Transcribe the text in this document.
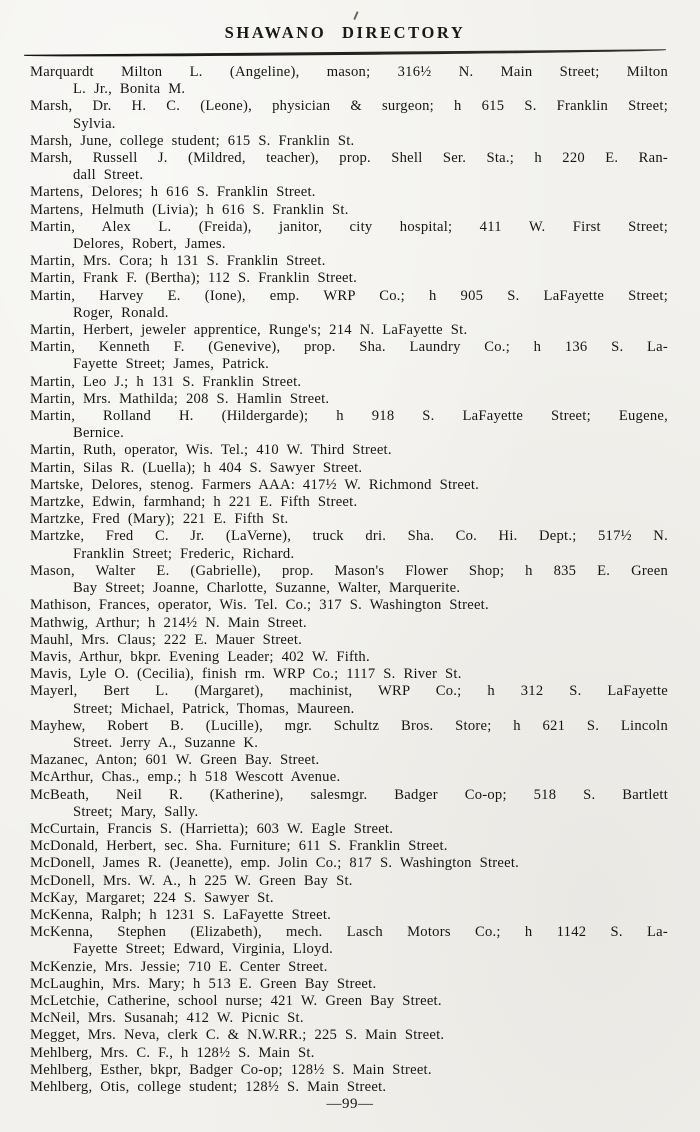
SHAWANO DIRECTORY
Marquardt Milton L. (Angeline), mason; 316½ N. Main Street; Milton
L. Jr., Bonita M.
Marsh, Dr. H. C. (Leone), physician & surgeon; h 615 S. Franklin Street;
Sylvia.
Marsh, June, college student; 615 S. Franklin St.
Marsh, Russell J. (Mildred, teacher), prop. Shell Ser. Sta.; h 220 E. Ran-
dall Street.
Martens, Delores; h 616 S. Franklin Street.
Martens, Helmuth (Livia); h 616 S. Franklin St.
Martin, Alex L. (Freida), janitor, city hospital; 411 W. First Street;
Delores, Robert, James.
Martin, Mrs. Cora; h 131 S. Franklin Street.
Martin, Frank F. (Bertha); 112 S. Franklin Street.
Martin, Harvey E. (Ione), emp. WRP Co.; h 905 S. LaFayette Street;
Roger, Ronald.
Martin, Herbert, jeweler apprentice, Runge's; 214 N. LaFayette St.
Martin, Kenneth F. (Genevive), prop. Sha. Laundry Co.; h 136 S. La-
Fayette Street; James, Patrick.
Martin, Leo J.; h 131 S. Franklin Street.
Martin, Mrs. Mathilda; 208 S. Hamlin Street.
Martin, Rolland H. (Hildergarde); h 918 S. LaFayette Street; Eugene,
Bernice.
Martin, Ruth, operator, Wis. Tel.; 410 W. Third Street.
Martin, Silas R. (Luella); h 404 S. Sawyer Street.
Martske, Delores, stenog. Farmers AAA: 417½ W. Richmond Street.
Martzke, Edwin, farmhand; h 221 E. Fifth Street.
Martzke, Fred (Mary); 221 E. Fifth St.
Martzke, Fred C. Jr. (LaVerne), truck dri. Sha. Co. Hi. Dept.; 517½ N.
Franklin Street; Frederic, Richard.
Mason, Walter E. (Gabrielle), prop. Mason's Flower Shop; h 835 E. Green
Bay Street; Joanne, Charlotte, Suzanne, Walter, Marquerite.
Mathison, Frances, operator, Wis. Tel. Co.; 317 S. Washington Street.
Mathwig, Arthur; h 214½ N. Main Street.
Mauhl, Mrs. Claus; 222 E. Mauer Street.
Mavis, Arthur, bkpr. Evening Leader; 402 W. Fifth.
Mavis, Lyle O. (Cecilia), finish rm. WRP Co.; 1117 S. River St.
Mayerl, Bert L. (Margaret), machinist, WRP Co.; h 312 S. LaFayette
Street; Michael, Patrick, Thomas, Maureen.
Mayhew, Robert B. (Lucille), mgr. Schultz Bros. Store; h 621 S. Lincoln
Street. Jerry A., Suzanne K.
Mazanec, Anton; 601 W. Green Bay. Street.
McArthur, Chas., emp.; h 518 Wescott Avenue.
McBeath, Neil R. (Katherine), salesmgr. Badger Co-op; 518 S. Bartlett
Street; Mary, Sally.
McCurtain, Francis S. (Harrietta); 603 W. Eagle Street.
McDonald, Herbert, sec. Sha. Furniture; 611 S. Franklin Street.
McDonell, James R. (Jeanette), emp. Jolin Co.; 817 S. Washington Street.
McDonell, Mrs. W. A., h 225 W. Green Bay St.
McKay, Margaret; 224 S. Sawyer St.
McKenna, Ralph; h 1231 S. LaFayette Street.
McKenna, Stephen (Elizabeth), mech. Lasch Motors Co.; h 1142 S. La-
Fayette Street; Edward, Virginia, Lloyd.
McKenzie, Mrs. Jessie; 710 E. Center Street.
McLaughin, Mrs. Mary; h 513 E. Green Bay Street.
McLetchie, Catherine, school nurse; 421 W. Green Bay Street.
McNeil, Mrs. Susanah; 412 W. Picnic St.
Megget, Mrs. Neva, clerk C. & N.W.RR.; 225 S. Main Street.
Mehlberg, Mrs. C. F., h 128½ S. Main St.
Mehlberg, Esther, bkpr, Badger Co-op; 128½ S. Main Street.
Mehlberg, Otis, college student; 128½ S. Main Street.
—99—
